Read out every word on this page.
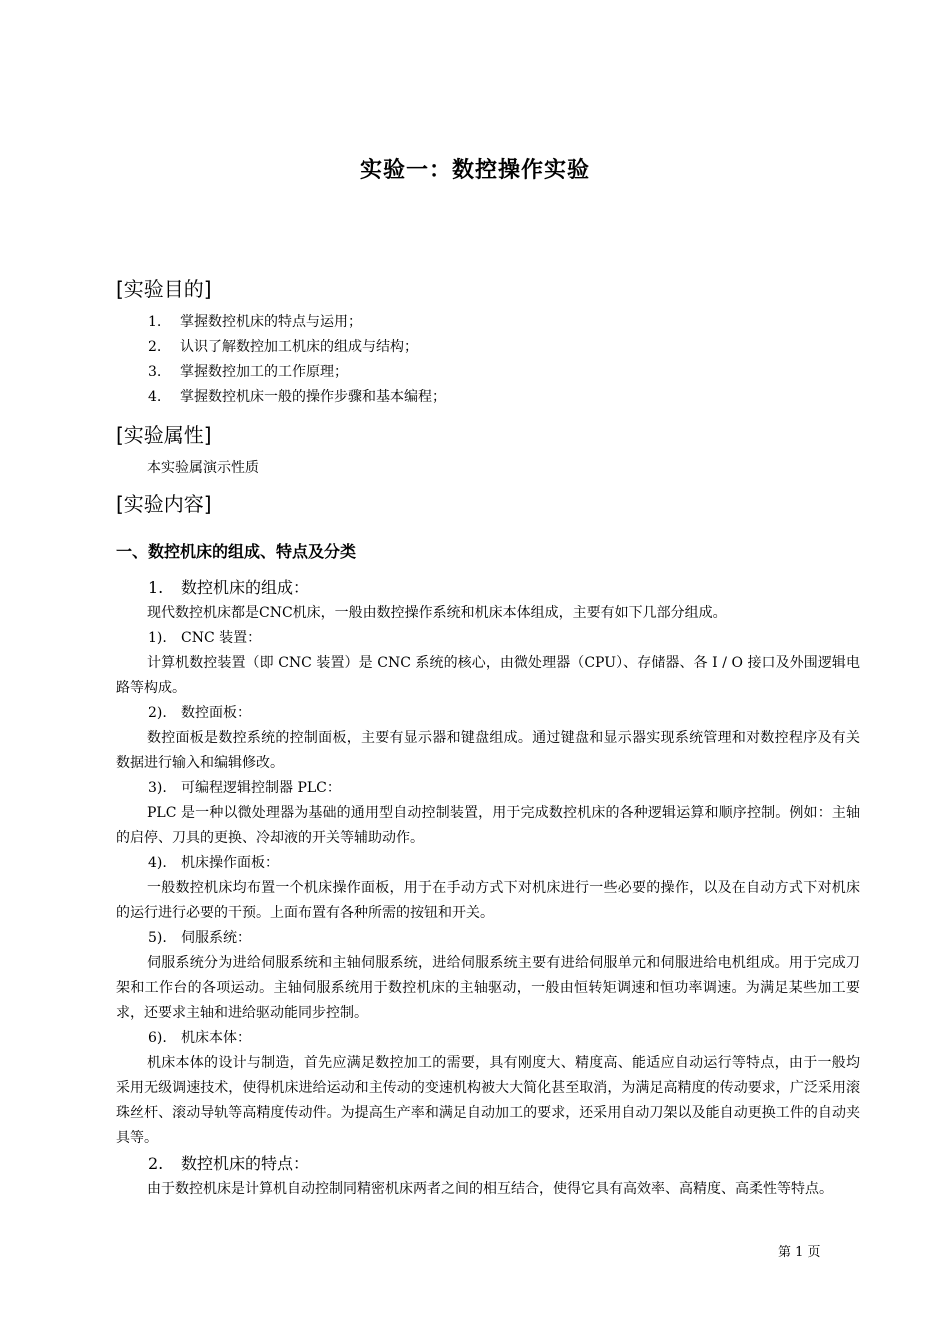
实验一：数控操作实验
[实验目的]
1. 掌握数控机床的特点与运用；
2. 认识了解数控加工机床的组成与结构；
3. 掌握数控加工的工作原理；
4. 掌握数控机床一般的操作步骤和基本编程；
[实验属性]

本实验属演示性质

[实验内容]
一、数控机床的组成、特点及分类

1. 数控机床的组成：

现代数控机床都是CNC机床，一般由数控操作系统和机床本体组成，主要有如下几部分组成。

1). CNC 装置：

计算机数控装置（即 CNC 装置）是 CNC 系统的核心，由微处理器（CPU）、存储器、各 I / O 接口及外围逻辑电路等构成。

2). 数控面板：

数控面板是数控系统的控制面板，主要有显示器和键盘组成。通过键盘和显示器实现系统管理和对数控程序及有关数据进行输入和编辑修改。

3). 可编程逻辑控制器 PLC：

PLC 是一种以微处理器为基础的通用型自动控制装置，用于完成数控机床的各种逻辑运算和顺序控制。例如：主轴的启停、刀具的更换、冷却液的开关等辅助动作。

4). 机床操作面板：

一般数控机床均布置一个机床操作面板，用于在手动方式下对机床进行一些必要的操作，以及在自动方式下对机床的运行进行必要的干预。上面布置有各种所需的按钮和开关。

5). 伺服系统：

伺服系统分为进给伺服系统和主轴伺服系统，进给伺服系统主要有进给伺服单元和伺服进给电机组成。用于完成刀架和工作台的各项运动。主轴伺服系统用于数控机床的主轴驱动，一般由恒转矩调速和恒功率调速。为满足某些加工要求，还要求主轴和进给驱动能同步控制。

6). 机床本体：

机床本体的设计与制造，首先应满足数控加工的需要，具有刚度大、精度高、能适应自动运行等特点，由于一般均采用无级调速技术，使得机床进给运动和主传动的变速机构被大大简化甚至取消，为满足高精度的传动要求，广泛采用滚珠丝杆、滚动导轨等高精度传动件。为提高生产率和满足自动加工的要求，还采用自动刀架以及能自动更换工件的自动夹具等。

2. 数控机床的特点：

由于数控机床是计算机自动控制同精密机床两者之间的相互结合，使得它具有高效率、高精度、高柔性等特点。

第 1 页
